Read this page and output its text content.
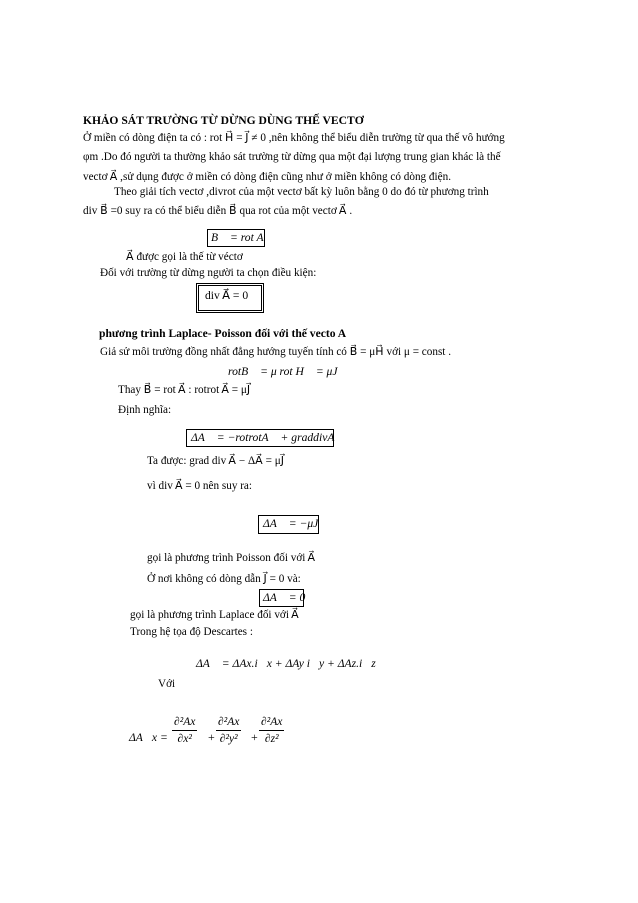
KHẢO SÁT TRƯỜNG TỪ DỪNG DÙNG THẾ VECTƠ
Ở miền có dòng điện ta có : rot H⃗ = J⃗ ≠ 0 ,nên không thể biểu diễn trường từ qua thế vô hướng
φm .Do đó người ta thường khảo sát trường từ dừng qua một đại lượng trung gian khác là thế
vectơ A⃗ ,sử dụng được ở miền có dòng điện cũng như ở miền không có dòng điện.
Theo giải tích vectơ ,divrot của một vectơ bất kỳ luôn bằng 0 do đó từ phương trình
div B⃗ =0 suy ra có thể biểu diễn B⃗ qua rot của một vectơ A⃗ .
B⃗ = rot A⃗
A⃗ được gọi là thế từ véctơ
Đối với trường từ dừng người ta chọn điều kiện:
div A⃗ = 0
phương trình Laplace- Poisson đối với thế vecto A⃗
Giả sử môi trường đồng nhất đẳng hướng tuyến tính có B⃗ = μH⃗ với μ = const .
rotB⃗ = μ rot H⃗ = μJ⃗
Thay B⃗ = rot A⃗ : rotrot A⃗ = μJ⃗
Định nghĩa:
ΔA⃗ = −rotrotA⃗ + graddivA⃗
Ta được: grad div A⃗ − ΔA⃗ = μJ⃗
vì div A⃗ = 0 nên suy ra:
ΔA⃗ = −μJ⃗
gọi là phương trình Poisson đối với A⃗
Ở nơi không có dòng dẫn J⃗ = 0 và:
ΔA⃗ = 0
gọi là phương trình Laplace đối với A⃗
Trong hệ tọa độ Descartes :
ΔA⃗ = ΔAx.i⃗x + ΔAy i⃗y + ΔAz.i⃗z
Với
ΔA⃗x = $\frac{\text{∂²Ax}}{\text{∂x²}} + \frac{\text{∂²Ax}}{\text{∂²y²}} + \frac{\text{∂²Ax}}{\text{∂z²}}$
